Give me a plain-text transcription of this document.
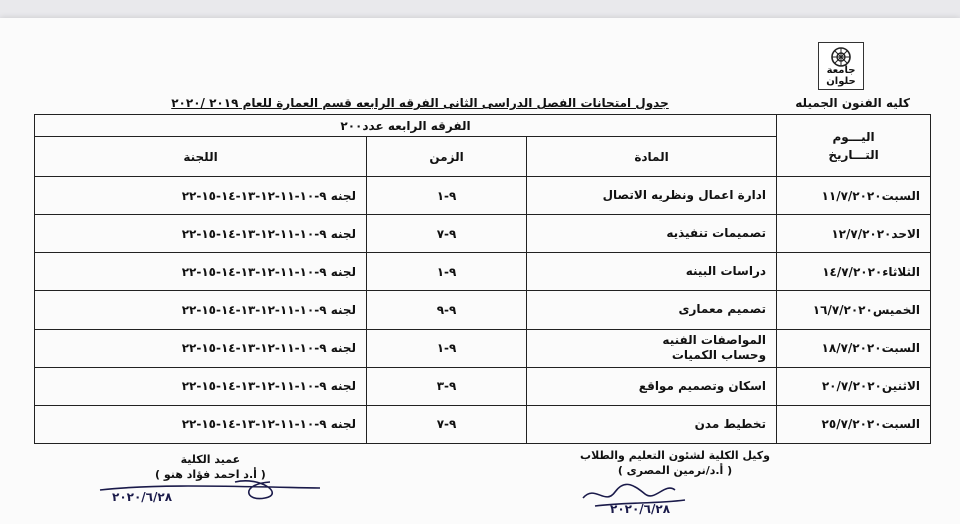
جامعة حلوان
كليه الفنون الجميله
جدول امتحانات الفصل الدراسى الثانى الفرقه الرابعه قسم العمارة للعام ٢٠١٩ /٢٠٢٠
اليـــوم
التـــاريخ	الفرقه الرابعه عدد٢٠٠		
	المادة	الزمن	اللجنة
السبت١١/٧/٢٠٢٠	ادارة اعمال ونظريه الاتصال	٩-١	لجنه ٩-١٠-١١-١٢-١٣-١٤-١٥-٢٢
الاحد١٢/٧/٢٠٢٠	تصميمات تنفيذيه	٩-٧	لجنه ٩-١٠-١١-١٢-١٣-١٤-١٥-٢٢
الثلاثاء١٤/٧/٢٠٢٠	دراسات البينه	٩-١	لجنه ٩-١٠-١١-١٢-١٣-١٤-١٥-٢٢
الخميس١٦/٧/٢٠٢٠	تصميم معمارى	٩-٩	لجنه ٩-١٠-١١-١٢-١٣-١٤-١٥-٢٢
السبت١٨/٧/٢٠٢٠	المواصفات الفنيه
وحساب الكميات	٩-١	لجنه ٩-١٠-١١-١٢-١٣-١٤-١٥-٢٢
الاثنين٢٠/٧/٢٠٢٠	اسكان وتصميم مواقع	٩-٣	لجنه ٩-١٠-١١-١٢-١٣-١٤-١٥-٢٢
السبت٢٥/٧/٢٠٢٠	تخطيط مدن	٩-٧	لجنه ٩-١٠-١١-١٢-١٣-١٤-١٥-٢٢
وكيل الكلية لشئون التعليم والطلاب
( أ.د/نرمين المصرى )
٢٠٢٠/٦/٢٨
عميد الكلية
( أ.د احمد فؤاد هنو )
٢٠٢٠/٦/٢٨
